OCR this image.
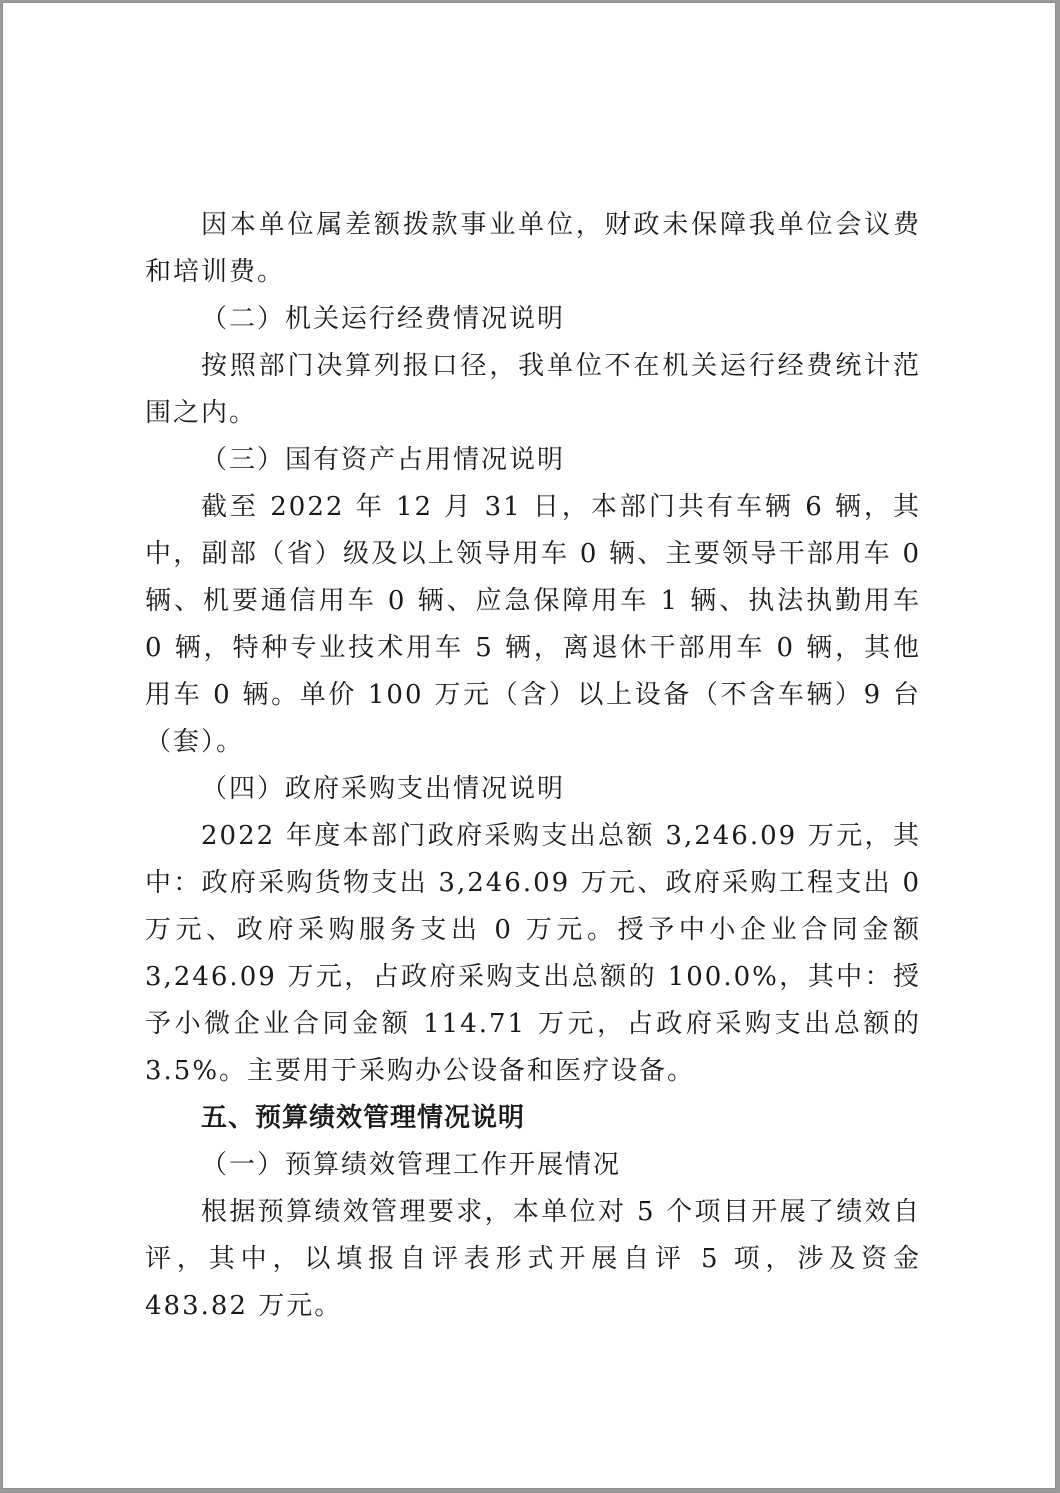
因本单位属差额拨款事业单位，财政未保障我单位会议费和培训费。

（二）机关运行经费情况说明

按照部门决算列报口径，我单位不在机关运行经费统计范围之内。

（三）国有资产占用情况说明

截至 2022 年 12 月 31 日，本部门共有车辆 6 辆，其中，副部（省）级及以上领导用车 0 辆、主要领导干部用车 0 辆、机要通信用车 0 辆、应急保障用车 1 辆、执法执勤用车 0 辆，特种专业技术用车 5 辆，离退休干部用车 0 辆，其他用车 0 辆。单价 100 万元（含）以上设备（不含车辆）9 台（套）。

（四）政府采购支出情况说明

2022 年度本部门政府采购支出总额 3,246.09 万元，其中：政府采购货物支出 3,246.09 万元、政府采购工程支出 0 万元、政府采购服务支出 0 万元。授予中小企业合同金额 3,246.09 万元，占政府采购支出总额的 100.0%，其中：授予小微企业合同金额 114.71 万元，占政府采购支出总额的 3.5%。主要用于采购办公设备和医疗设备。

五、预算绩效管理情况说明

（一）预算绩效管理工作开展情况

根据预算绩效管理要求，本单位对 5 个项目开展了绩效自评，其中，以填报自评表形式开展自评 5 项，涉及资金 483.82 万元。
